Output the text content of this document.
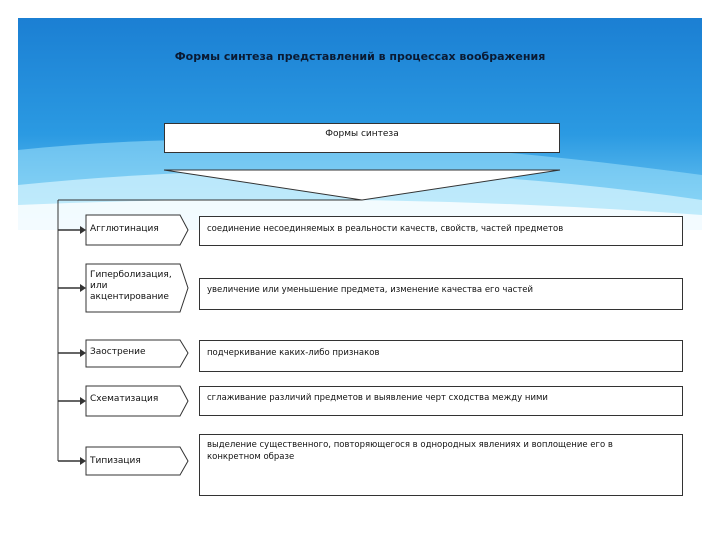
Формы синтеза представлений в процессах воображения
Формы синтеза
Агглютинация
Гиперболизация, или акцентирование
Заострение
Схематизация
Типизация
соединение несоединяемых в реальности качеств, свойств, частей предметов
увеличение или уменьшение предмета, изменение качества его частей
подчеркивание каких-либо признаков
сглаживание различий предметов и выявление черт сходства между ними
выделение существенного, повторяющегося в однородных явлениях и воплощение его в конкретном образе
